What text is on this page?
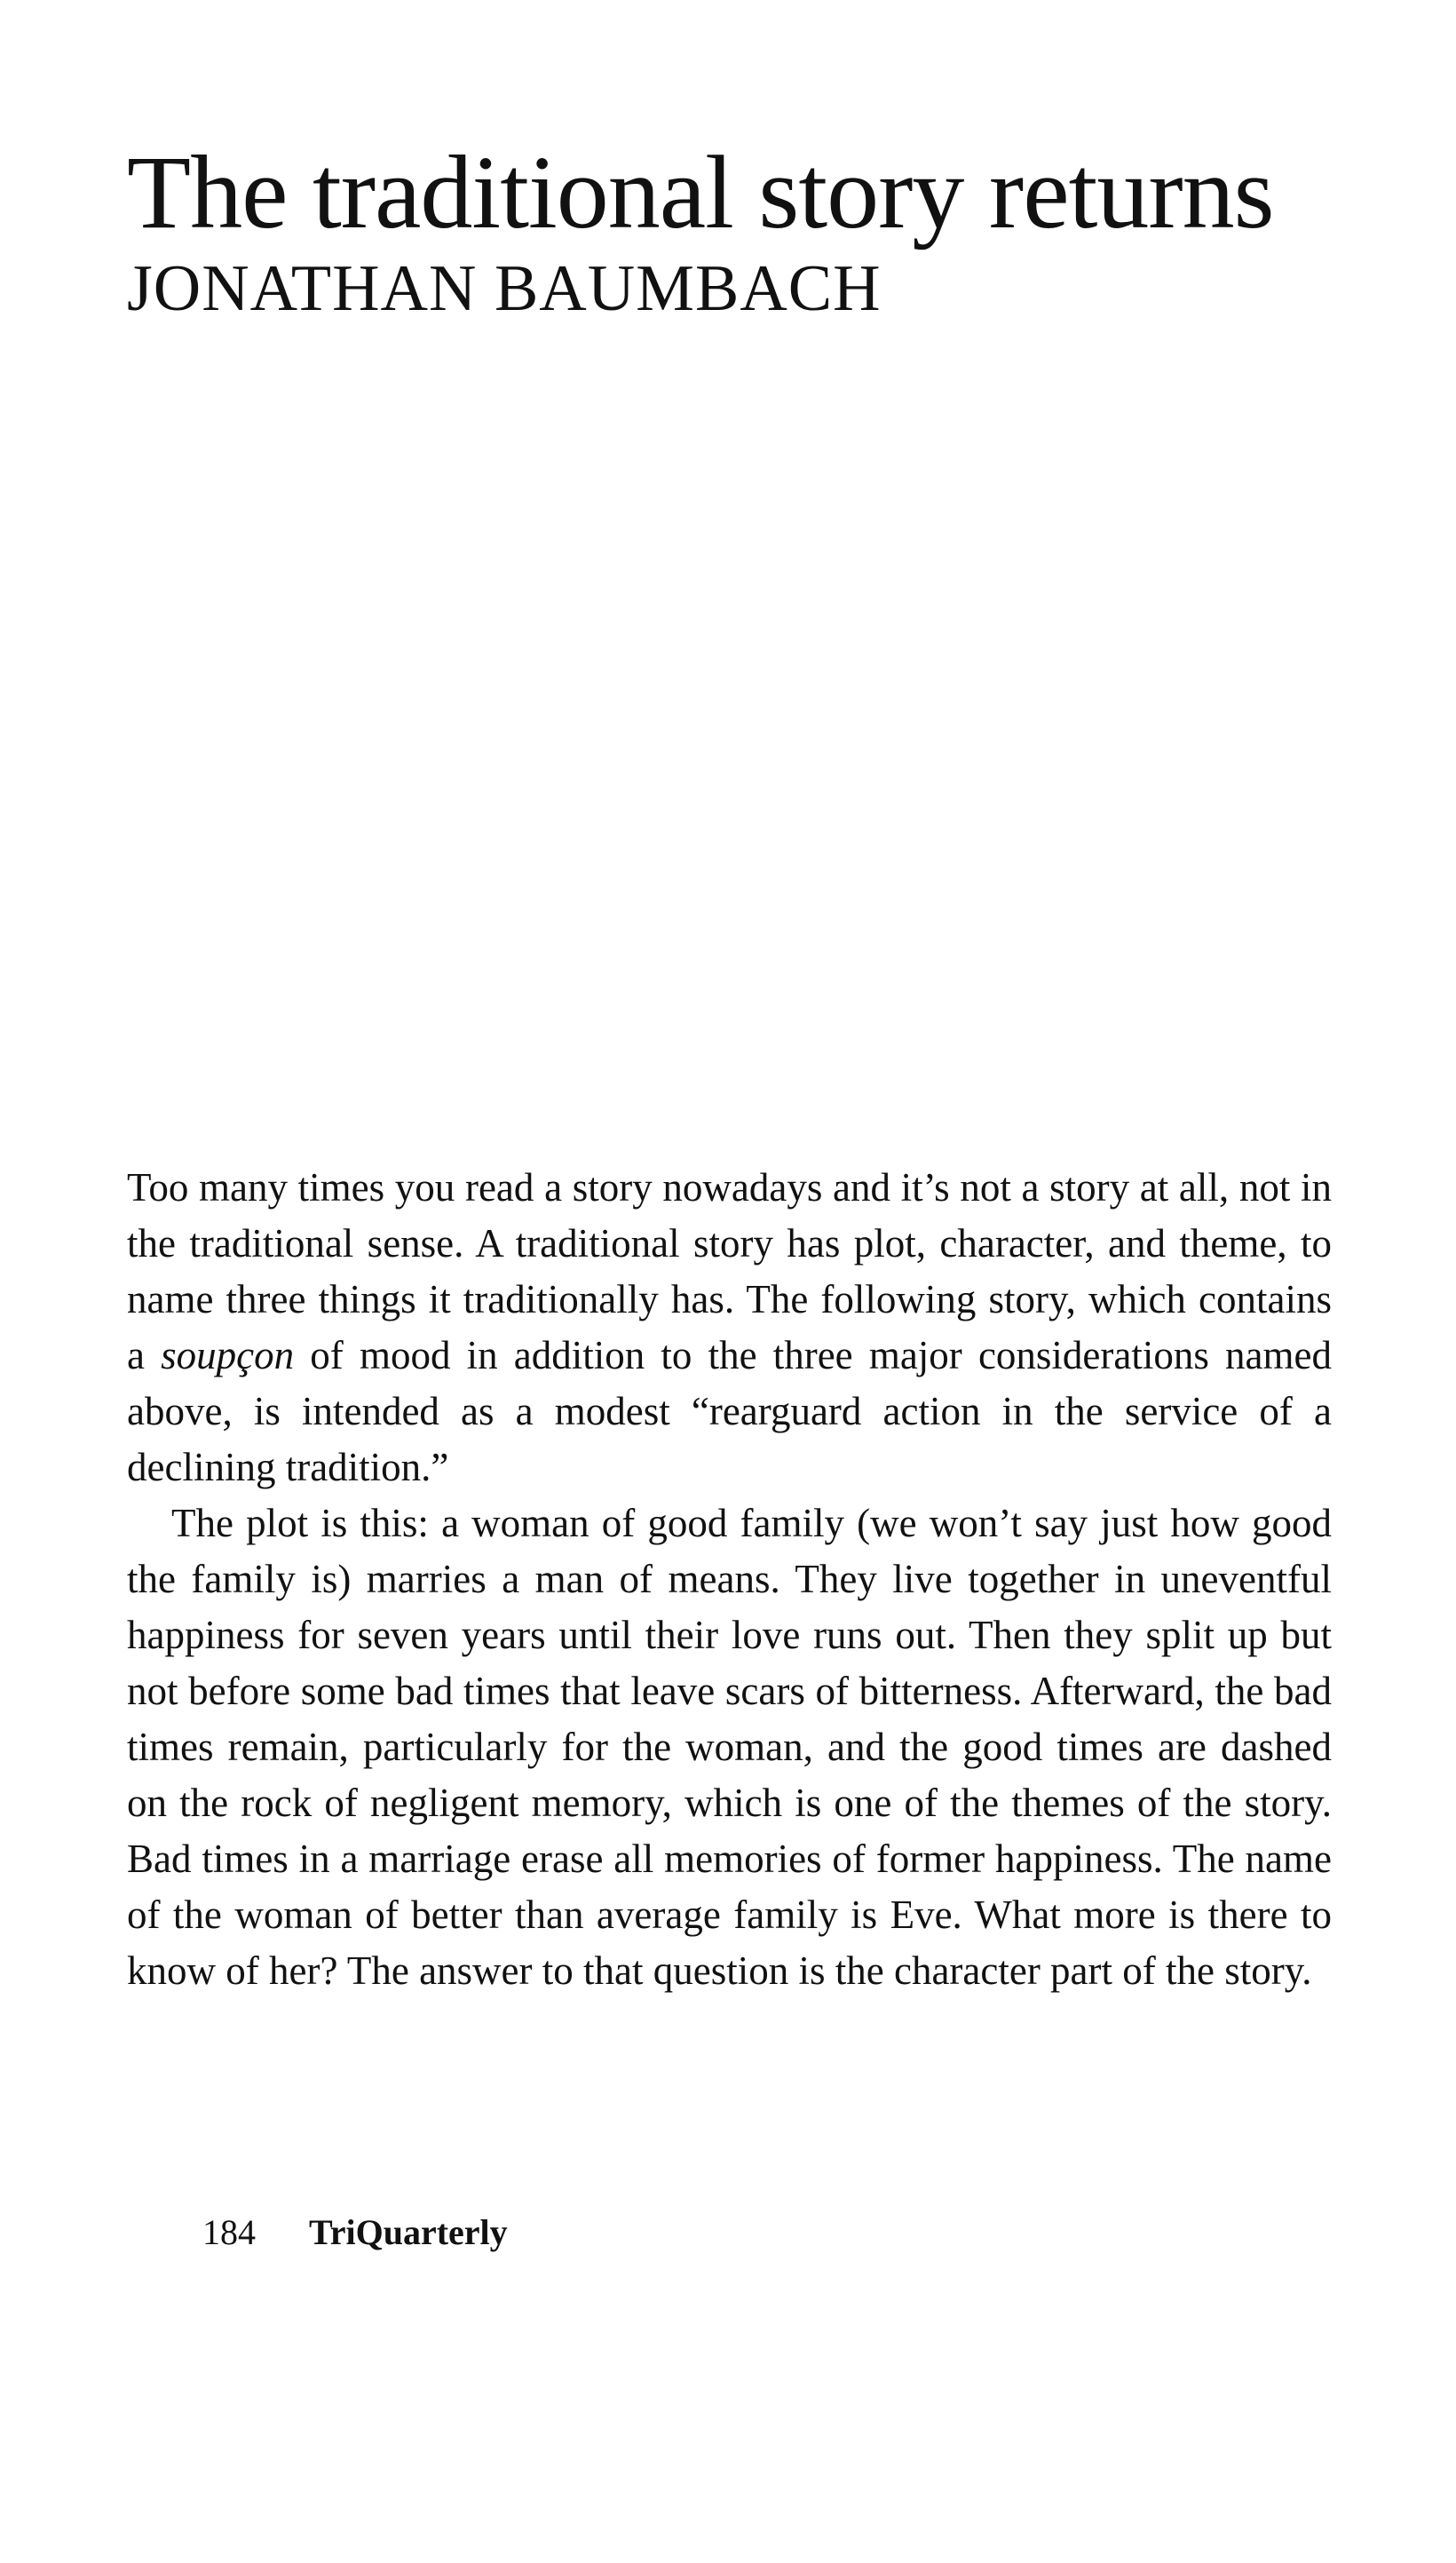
The traditional story returns
JONATHAN BAUMBACH

Too many times you read a story nowadays and it’s not a story at all, not in the traditional sense. A traditional story has plot, character, and theme, to name three things it traditionally has. The following story, which contains a soupçon of mood in addition to the three major considerations named above, is intended as a modest “rearguard action in the service of a declining tradition.”

The plot is this: a woman of good family (we won’t say just how good the family is) marries a man of means. They live together in uneventful happiness for seven years until their love runs out. Then they split up but not before some bad times that leave scars of bitterness. Afterward, the bad times remain, particularly for the woman, and the good times are dashed on the rock of negligent memory, which is one of the themes of the story. Bad times in a marriage erase all memories of former happiness. The name of the woman of better than average family is Eve. What more is there to know of her? The answer to that question is the character part of the story.

184 TriQuarterly
